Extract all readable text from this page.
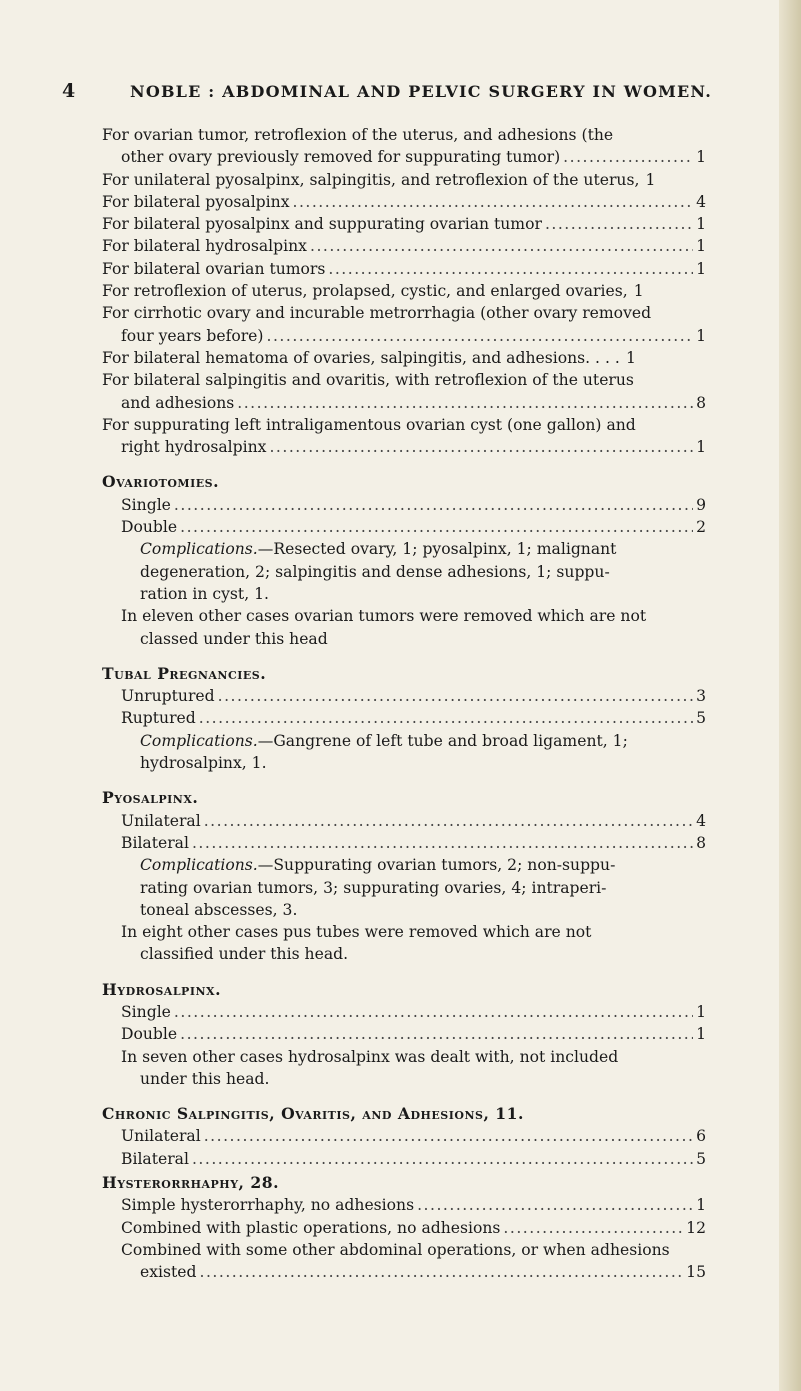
4	NOBLE : ABDOMINAL AND PELVIC SURGERY IN WOMEN.
For ovarian tumor, retroflexion of the uterus, and adhesions (the
other ovary previously removed for suppurating tumor) .....	1
For unilateral pyosalpinx, salpingitis, and retroflexion of the uterus, 1
For bilateral pyosalpinx .....	4
For bilateral pyosalpinx and suppurating ovarian tumor .....	1
For bilateral hydrosalpinx .....	1
For bilateral ovarian tumors .....	1
For retroflexion of uterus, prolapsed, cystic, and enlarged ovaries, 1
For cirrhotic ovary and incurable metrorrhagia (other ovary removed
four years before) .....	1
For bilateral hematoma of ovaries, salpingitis, and adhesions. . . . 1
For bilateral salpingitis and ovaritis, with retroflexion of the uterus
and adhesions .....	8
For suppurating left intraligamentous ovarian cyst (one gallon) and
right hydrosalpinx .....	1
Ovariotomies.
Single .....	9
Double .....	2
Complications.—Resected ovary, 1; pyosalpinx, 1; malignant
degeneration, 2; salpingitis and dense adhesions, 1; suppu-
ration in cyst, 1.
In eleven other cases ovarian tumors were removed which are not
classed under this head
Tubal Pregnancies.
Unruptured .....	3
Ruptured .....	5
Complications.—Gangrene of left tube and broad ligament, 1;
hydrosalpinx, 1.
Pyosalpinx.
Unilateral .....	4
Bilateral .....	8
Complications.—Suppurating ovarian tumors, 2; non-suppu-
rating ovarian tumors, 3; suppurating ovaries, 4; intraperi-
toneal abscesses, 3.
In eight other cases pus tubes were removed which are not
classified under this head.
Hydrosalpinx.
Single .....	1
Double .....	1
In seven other cases hydrosalpinx was dealt with, not included
under this head.
Chronic Salpingitis, Ovaritis, and Adhesions, 11.
Unilateral .....	6
Bilateral .....	5
Hysterorrhaphy, 28.
Simple hysterorrhaphy, no adhesions .....	1
Combined with plastic operations, no adhesions .....	12
Combined with some other abdominal operations, or when adhesions
existed .....	15
